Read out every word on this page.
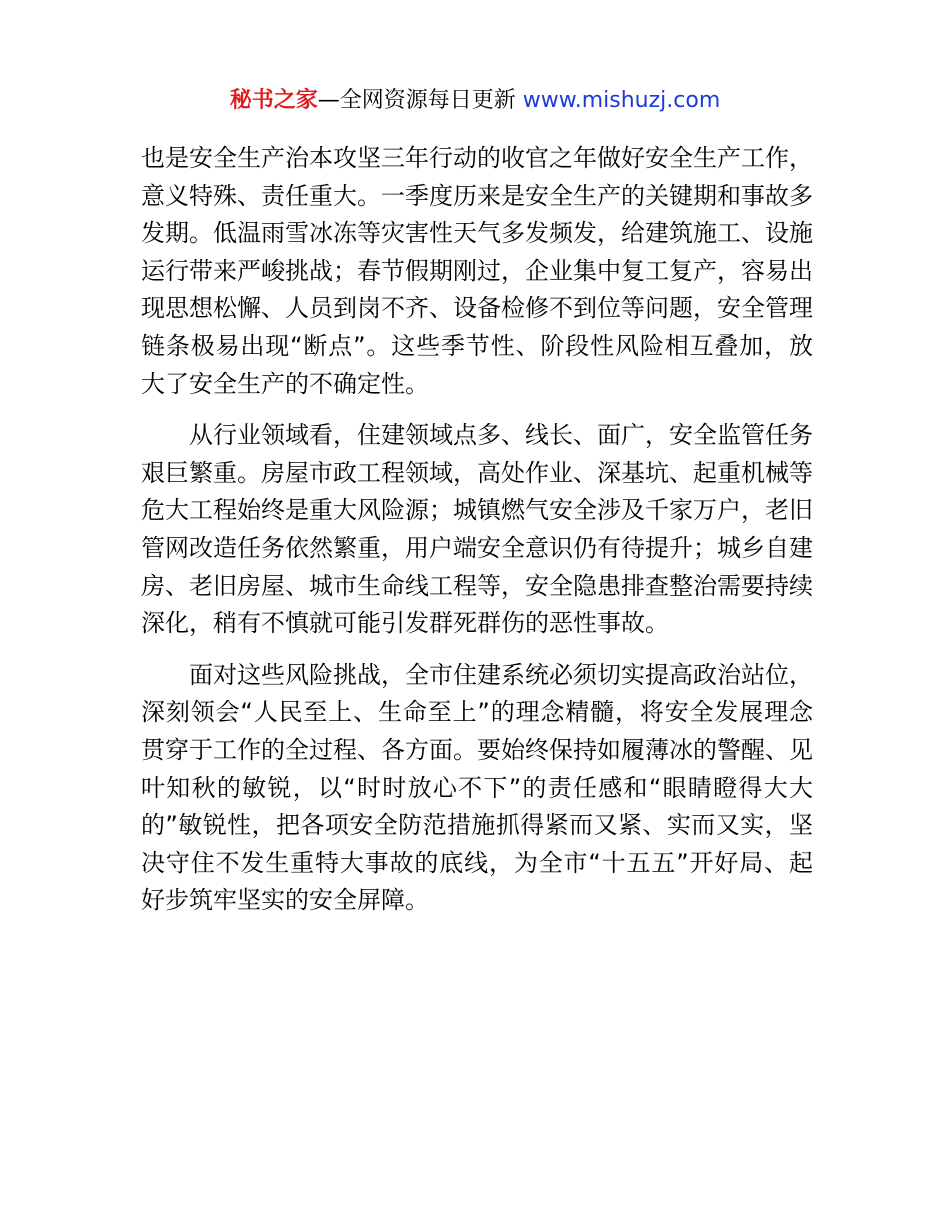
秘书之家—全网资源每日更新 www.mishuzj.com

也是安全生产治本攻坚三年行动的收官之年做好安全生产工作，意义特殊、责任重大。一季度历来是安全生产的关键期和事故多发期。低温雨雪冰冻等灾害性天气多发频发，给建筑施工、设施运行带来严峻挑战；春节假期刚过，企业集中复工复产，容易出现思想松懈、人员到岗不齐、设备检修不到位等问题，安全管理链条极易出现“断点”。这些季节性、阶段性风险相互叠加，放大了安全生产的不确定性。

从行业领域看，住建领域点多、线长、面广，安全监管任务艰巨繁重。房屋市政工程领域，高处作业、深基坑、起重机械等危大工程始终是重大风险源；城镇燃气安全涉及千家万户，老旧管网改造任务依然繁重，用户端安全意识仍有待提升；城乡自建房、老旧房屋、城市生命线工程等，安全隐患排查整治需要持续深化，稍有不慎就可能引发群死群伤的恶性事故。

面对这些风险挑战，全市住建系统必须切实提高政治站位，深刻领会“人民至上、生命至上”的理念精髓，将安全发展理念贯穿于工作的全过程、各方面。要始终保持如履薄冰的警醒、见叶知秋的敏锐，以“时时放心不下”的责任感和“眼睛瞪得大大的”敏锐性，把各项安全防范措施抓得紧而又紧、实而又实，坚决守住不发生重特大事故的底线，为全市“十五五”开好局、起好步筑牢坚实的安全屏障。
